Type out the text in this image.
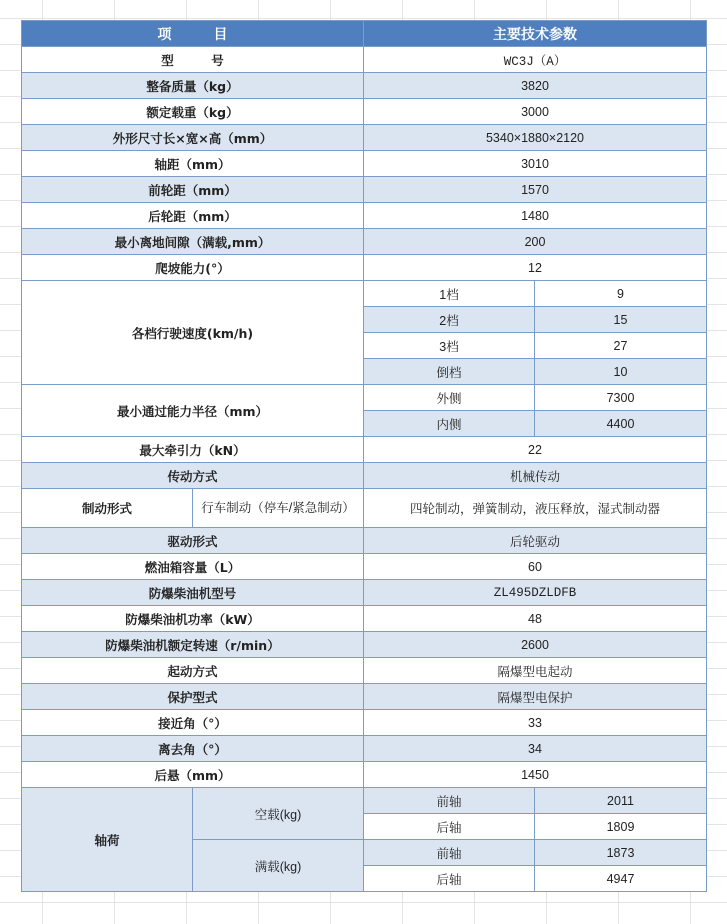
项　　　目		主要技术参数	
型　　　号		WC3J（A）	
整备质量（kg）		3820	
额定载重（kg）		3000	
外形尺寸长×宽×高（mm）		5340×1880×2120	
轴距（mm）		3010	
前轮距（mm）		1570	
后轮距（mm）		1480	
最小离地间隙（满载,mm）		200	
爬坡能力(°）		12	
各档行驶速度(km/h)		1档	9
		2档	15
		3档	27
		倒档	10
最小通过能力半径（mm）		外侧	7300
		内侧	4400
最大牵引力（kN）		22	
传动方式		机械传动	
制动形式	行车制动（停车/紧急制动）	四轮制动，弹簧制动，液压释放，湿式制动器	
驱动形式		后轮驱动	
燃油箱容量（L）		60	
防爆柴油机型号		ZL495DZLDFB	
防爆柴油机功率（kW）		48	
防爆柴油机额定转速（r/min）		2600	
起动方式		隔爆型电起动	
保护型式		隔爆型电保护	
接近角（°）		33	
离去角（°）		34	
后悬（mm）		1450	
轴荷	空载(kg)	前轴	2011
		后轴	1809
	满载(kg)	前轴	1873
		后轴	4947
